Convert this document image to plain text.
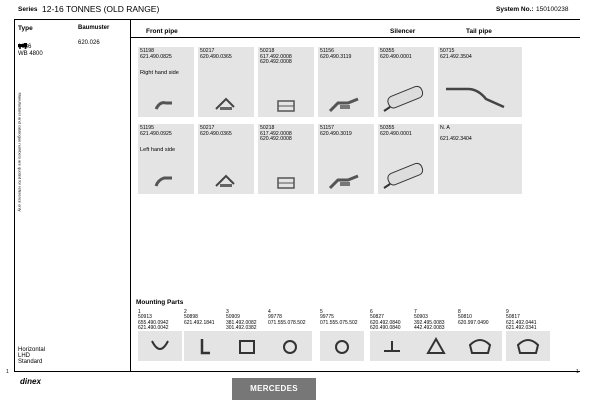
Series 12-16 TONNES (OLD RANGE)	System No.: 150100238
Type	Baumuster
1636
WB 4800
620.026
Manufacturer and catalogue numbers are quoted for reference only
Horizontal
LHD
Standard
1
Front pipe	Silencer	Tail pipe
51198
621.490.0825
Right hand side
50217
620.490.0365
50218
617.492.0008
620.492.0008
51156
620.490.3119
50355
620.490.0001
50715
621.492.3504
51195
621.490.0925
Left hand side
50217
620.490.0365
50218
617.492.0008
620.492.0008
51157
620.490.3019
50355
620.490.0001
N. A

621.492.3404
Mounting Parts
1
50913
655.490.0942
621.490.0042
2
50898
621.492.1841
3
50909
381.492.0082
301.492.0382

4
99778
071.555.078.502
5
99775
071.555.075.502
6
50827
620.492.0840
620.490.0840
7
50903
392.495.0083
442.492.0083
8
50810
620.997.0490
9
50817
621.492.0441
621.492.0341
dinex
MERCEDES
1
